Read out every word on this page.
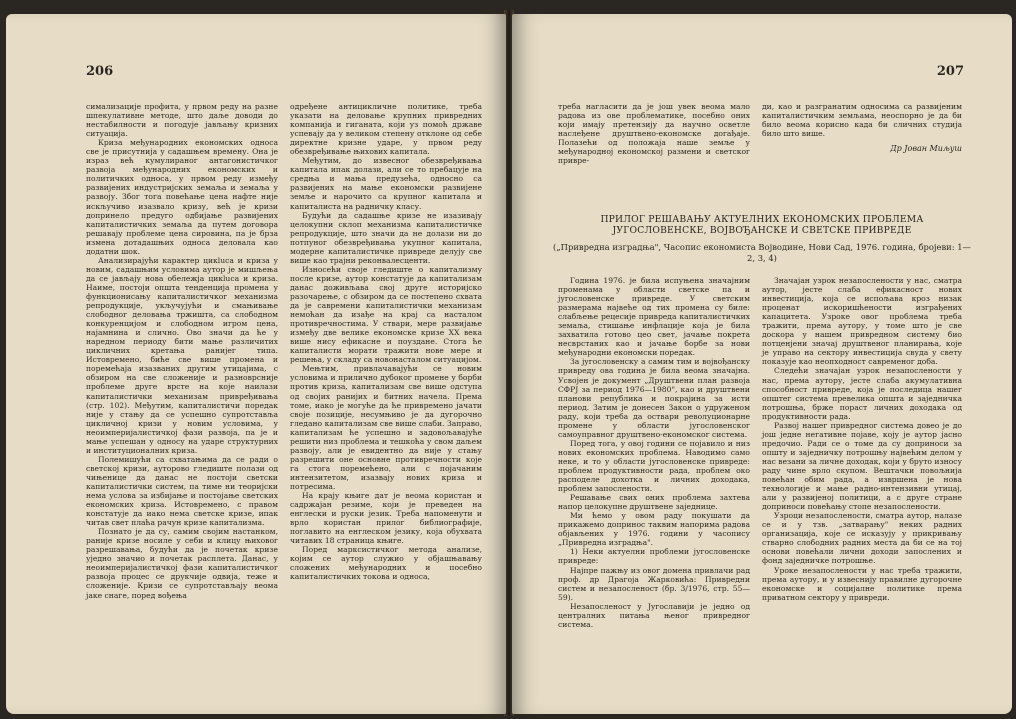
206

симализације профита, у првом реду на разне шпекулативне методе, што даље доводи до нестабилности и погодује јављању кризних ситуација.

Криза међународних економских односа све је присутнија у садашњем времену. Она је израз већ кумулираног антагонистичког развоја међународних економских и политичких односа, у првом реду између развијених индустријских земаља и земаља у развоју. Због тога повећање цена нафте није искључиво изазвало кризу, већ је кризи допринело предуго одбијање развијених капиталистичких земаља да путем договора решавају проблеме цена сировина, па је брза измена дотадашњих односа деловала као додатни шок.

Анализирајући карактер цикluса и криза у новим, садашњим условима аутор је мишљења да се јављају нова обележја цикluса и криза. Наиме, постоји општа тенденција промена у функционисању капиталистичког механизма репродукције, укључујући и смањивање слободног деловања тржишта, са слободном конкуренцијом и слободном игром цена, најамнина и слично. Ово значи да ће у наредном периоду бити мање различитих цикличних кретања ранијег типа. Истовремено, биће све више промена и поремећаја изазваних другим утицајима, с обзиром на све сложеније и разноврсније проблеме друге врсте на које наилази капиталистички механизам привређивања (стр. 102). Међутим, капиталистичи поредак није у стању да се успешно супротставља цикличној кризи у новим условима, у неоимперијалистичкој фази развоја, па је и мање успешан у односу на ударе структурних и институционалних криза.

Полемишући са схватањима да се ради о светској кризи, ауторово гледиште полази од чињенице да данас не постоји светски капиталистички систем, па тиме ни теоријски нема услова за избијање и постојање светских економских криза. Истовремено, с правом констатује да иако нема светске кризе, ипак читав свет плаћа рачун кризе капитализма.

Познато је да су, самим својим настанком, раније кризе носиле у себи и клицу њиховог разрешавања, будући да је почетак кризе уједно значио и почетак расплета. Данас, у неоимперијалистичкој фази капиталистичког развоја процес се друкчије одвија, теже и сложеније. Кризи се супротстављају веома јаке снаге, поред вођења

одређене антицикличне политике, треба указати на деловање крупних привредних компанија и гиганата, који уз помоћ државе успевају да у великом степену отклоне од себе директне кризне ударе, у првом реду обезвређивање њихових капитала.

Међутим, до извесног обезвређивања капитала ипак долази, али се то пребацује на средња и мања предузећа, односно са развијених на мање економски развијене земље и нарочито са крупног капитала и капиталиста на радничку класу.

Будући да садашње кризе не изазивају целокупни склоп механизма капиталистичке репродукције, што значи да не долази ни до потпуног обезвређивања укупног капитала, модерне капиталистичке привреде делују све више као трајни реконвалесценти.

Износећи своје гледиште о капитализму после кризе, аутор констатује да капитализам данас доживљава свој друге историјско разочарење, с обзиром да се постепено схвата да је савремени капиталистички механизам немоћан да изађе на крај са насталом противречностима. У ствари, мере развијање између две велике економске кризе XX века више нису ефикасне и поуздане. Стога ће капиталисти морати тражити нове мере и решења, у складу са новонасталом ситуацијом.

Мењтим, привлачавајући се новим условима и прилично дубоког промене у борби против криза, капитализам све више одступа од својих ранијих и битних начела. Према томе, иако је могуће да ће привремено јачати своје позиције, несумњиво је да дугорочно гледано капитализам све више слаби. Заправо, капитализам ће успешно и задовољавајуће решити низ проблема и тешкоћа у свом даљем развоју, али је евидентно да није у стању разрешити оне основне противречности које га стога поремећено, али с појачаним интензитетом, изазвају нових криза и потресима.

На крају књиге дат је веома користан и садржајан резиме, који је преведен на енглески и руски језик. Треба напоменути и врло користан прилог библиографије, поглавито на енглеском језику, која обухвата читавих 18 страница књиге.

Поред марксистичког метода анализе, којим се аутор служио у објашњавању сложених међународних и посебно капиталистичких токова и односа,

207

треба нагласити да је још увек веома мало радова из ове проблематике, посебно оних који имају претензију да научно осветле наслеђене друштвено-економске догађаје. Полазећи од положаја наше земље у међународној економској размени и светског привре-

ди, као и разгранатим односима са развијеним капиталистичким земљама, неоспорно је да би било веома корисно када би сличних студија било што више.

Др Јован Миљуш

ПРИЛОГ РЕШАВАЊУ АКТУЕЛНИХ ЕКОНОМСКИХ ПРОБЛЕМА ЈУГОСЛОВЕНСКЕ, ВОЈВОЂАНСКЕ И СВЕТСКЕ ПРИВРЕДЕ
(„Привредна изградња", Часопис економиста Војводине, Нови Сад, 1976. година, бројеви: 1—2, 3, 4)

Година 1976. је била испуњена значајним променама у области светске па и југословенске привреде. У светским размерама највеће од тих промена су биле: слабљење рецесије привреда капиталистичких земаља, стишање инфлације која је била захватила готово цео свет, јачање покрета несврстаних као и јачање борбе за нови међународни економски поредак.

За југословенску а самим тим и војвођанску привреду ова година је била веома значајна. Усвојен је документ „Друштвени план развоја СФРЈ за период 1976—1980", као и друштвени планови република и покрајина за исти период. Затим је донесен Закон о удруженом раду, који треба да оствари револуционарне промене у области југословенског самоуправног друштвено-економског система.

Поред тога, у овој години се појавило и низ нових економских проблема. Наводимо само неке, и то у области југословенске привреде: проблем продуктивности рада, проблем око расподеле дохотка и личних доходака, проблем запослености.

Решавање свих оних проблема захтева напор целокупне друштвене заједнице.

Ми ћемо у овом раду покушати да прикажемо допринос таквим напорима радова објављених у 1976. години у часопису „Привредна изградња".

1) Неки актуелни проблеми југословенске привреде:

Најпре пажњу из овог домена привлачи рад проф. др Драгоја Жарковића: Привредни систем и незапосленост (бр. 3/1976, стр. 55—59).

Незапосленост у Југославији је једно од централних питања њеног привредног система.

Значајан узрок незапослености у нас, сматра аутор, јесте слаба ефикасност нових инвестиција, која се испољава кроз низак проценат искоришћености изграђених капацитета. Узроке овог проблема треба тражити, према аутору, у томе што је све доскора у нашем привредном систему био потценјени значај друштвеног планирања, које је управо на сектору инвестиција свуда у свету показује као неопходност савременог доба.

Следећи значајан узрок незапослености у нас, према аутору, јесте слаба акумулативна способност привреде, која је последица нашег општег система превелика општа и заједничка потрошња, брже пораст личних доходака од продуктивности рада.

Развој нашег привредног система довео је до још једне негативне појаве, коју је аутор јасно предочио. Ради се о томе да су доприноси за општу и заједничку потрошњу највећим делом у нас везани за личне доходак, који у бруто износу раду чине врло скупом. Вештачки повољнија повећан обим рада, а извршена је нова технологије и мање радно-интензивни утицај, али у развијеној политици, а с друге стране доприноси повећању стопе незапослености.

Узроци незапослености, сматра аутор, налазе се и у тзв. „затварању" неких радних организација, које се исказују у прикривању стварно слободних радних места да би се на тој основи повећали лични доходи запослених и фонд заједничке потрошње.

Уроке незапослености у нас треба тражити, према аутору, и у извесниjy правилне дугорочне економске и социјалне политике према приватном сектору у привреди.
